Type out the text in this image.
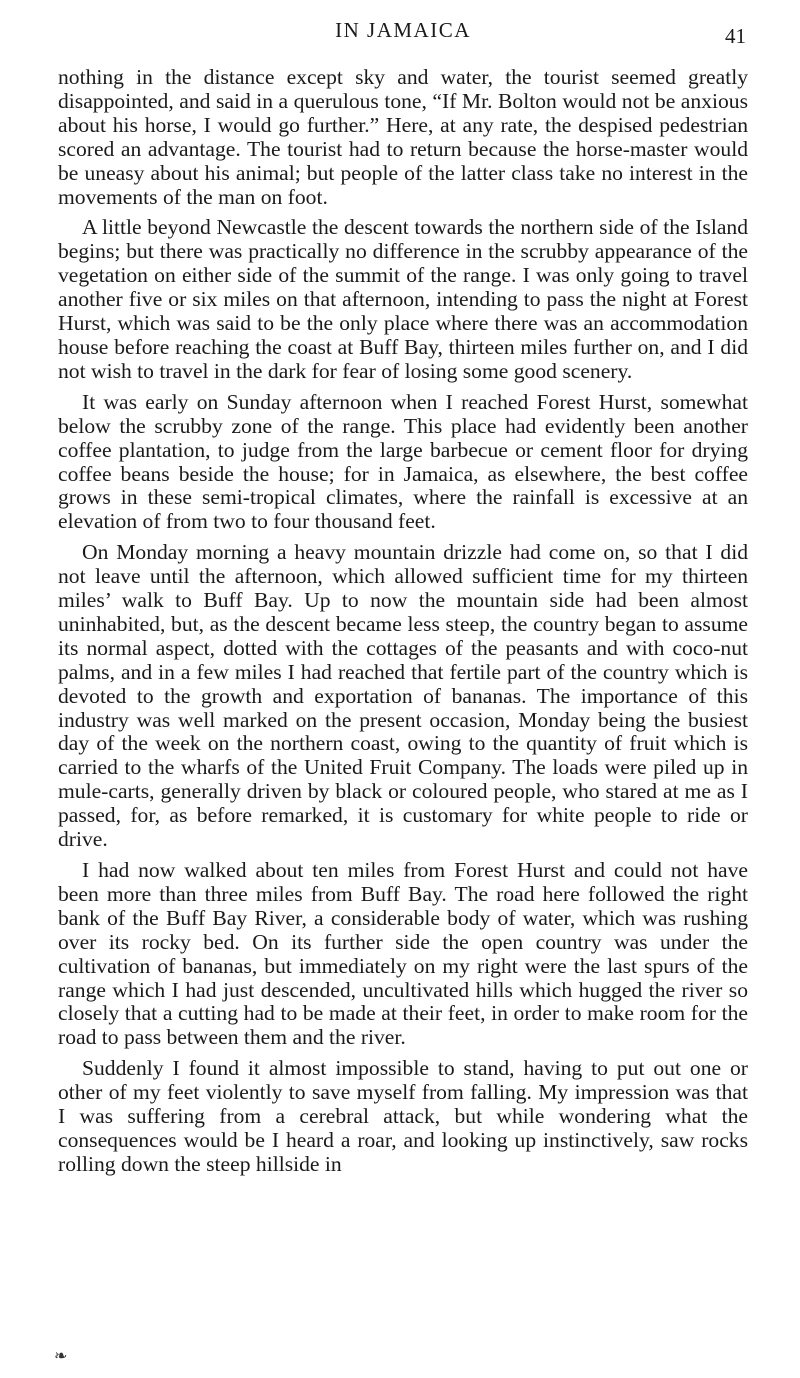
IN JAMAICA	41

nothing in the distance except sky and water, the tourist seemed greatly disappointed, and said in a querulous tone, “If Mr. Bolton would not be anxious about his horse, I would go further.” Here, at any rate, the despised pedestrian scored an advantage. The tourist had to return because the horse-master would be uneasy about his animal; but people of the latter class take no interest in the movements of the man on foot.

A little beyond Newcastle the descent towards the northern side of the Island begins; but there was practically no difference in the scrubby appearance of the vegetation on either side of the summit of the range. I was only going to travel another five or six miles on that afternoon, intending to pass the night at Forest Hurst, which was said to be the only place where there was an accommodation house before reaching the coast at Buff Bay, thirteen miles further on, and I did not wish to travel in the dark for fear of losing some good scenery.

It was early on Sunday afternoon when I reached Forest Hurst, somewhat below the scrubby zone of the range. This place had evidently been another coffee plantation, to judge from the large barbecue or cement floor for drying coffee beans beside the house; for in Jamaica, as elsewhere, the best coffee grows in these semi-tropical climates, where the rainfall is excessive at an elevation of from two to four thousand feet.

On Monday morning a heavy mountain drizzle had come on, so that I did not leave until the afternoon, which allowed sufficient time for my thirteen miles’ walk to Buff Bay. Up to now the mountain side had been almost uninhabited, but, as the descent became less steep, the country began to assume its normal aspect, dotted with the cottages of the peasants and with coco-nut palms, and in a few miles I had reached that fertile part of the country which is devoted to the growth and exportation of bananas. The importance of this industry was well marked on the present occasion, Monday being the busiest day of the week on the northern coast, owing to the quantity of fruit which is carried to the wharfs of the United Fruit Company. The loads were piled up in mule-carts, generally driven by black or coloured people, who stared at me as I passed, for, as before remarked, it is customary for white people to ride or drive.

I had now walked about ten miles from Forest Hurst and could not have been more than three miles from Buff Bay. The road here followed the right bank of the Buff Bay River, a considerable body of water, which was rushing over its rocky bed. On its further side the open country was under the cultivation of bananas, but immediately on my right were the last spurs of the range which I had just descended, uncultivated hills which hugged the river so closely that a cutting had to be made at their feet, in order to make room for the road to pass between them and the river.

Suddenly I found it almost impossible to stand, having to put out one or other of my feet violently to save myself from falling. My impression was that I was suffering from a cerebral attack, but while wondering what the consequences would be I heard a roar, and looking up instinctively, saw rocks rolling down the steep hillside in

❧
